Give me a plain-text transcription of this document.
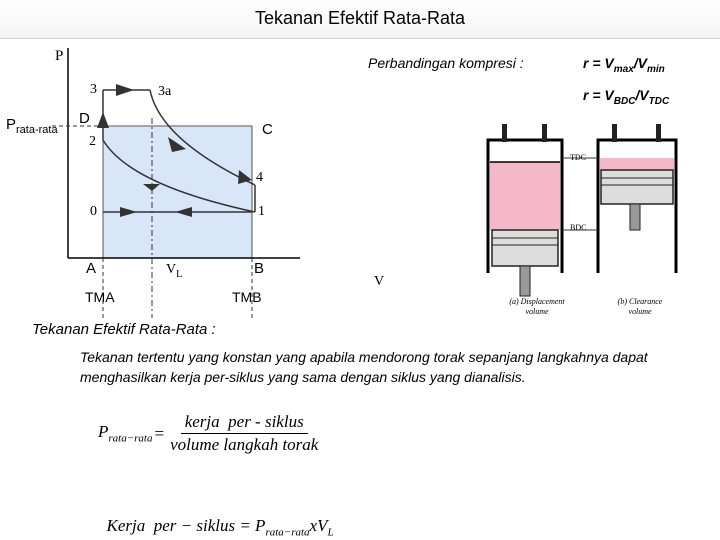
Tekanan Efektif Rata-Rata
P
$P_{rata-rata}$
3	3a
D
2
C
4
0	1
A	$V_L$	B
TMA	TMB
V
Perbandingan kompresi :	$r = V_{max}/V_{min}$
$r = V_{BDC}/V_{TDC}$
TDC
BDC
(a) Displacement
volume
(b) Clearance
volume
Tekanan Efektif Rata-Rata :
Tekanan tertentu yang konstan yang apabila mendorong torak sepanjang langkahnya dapat menghasilkan kerja per-siklus yang sama dengan siklus yang dianalisis.
$P_{rata-rata} = \frac{\text{kerja  per - siklus}}{\text{volume langkah torak}}$

Kerja  per − siklus = $P_{rata-rata}xV_L$
